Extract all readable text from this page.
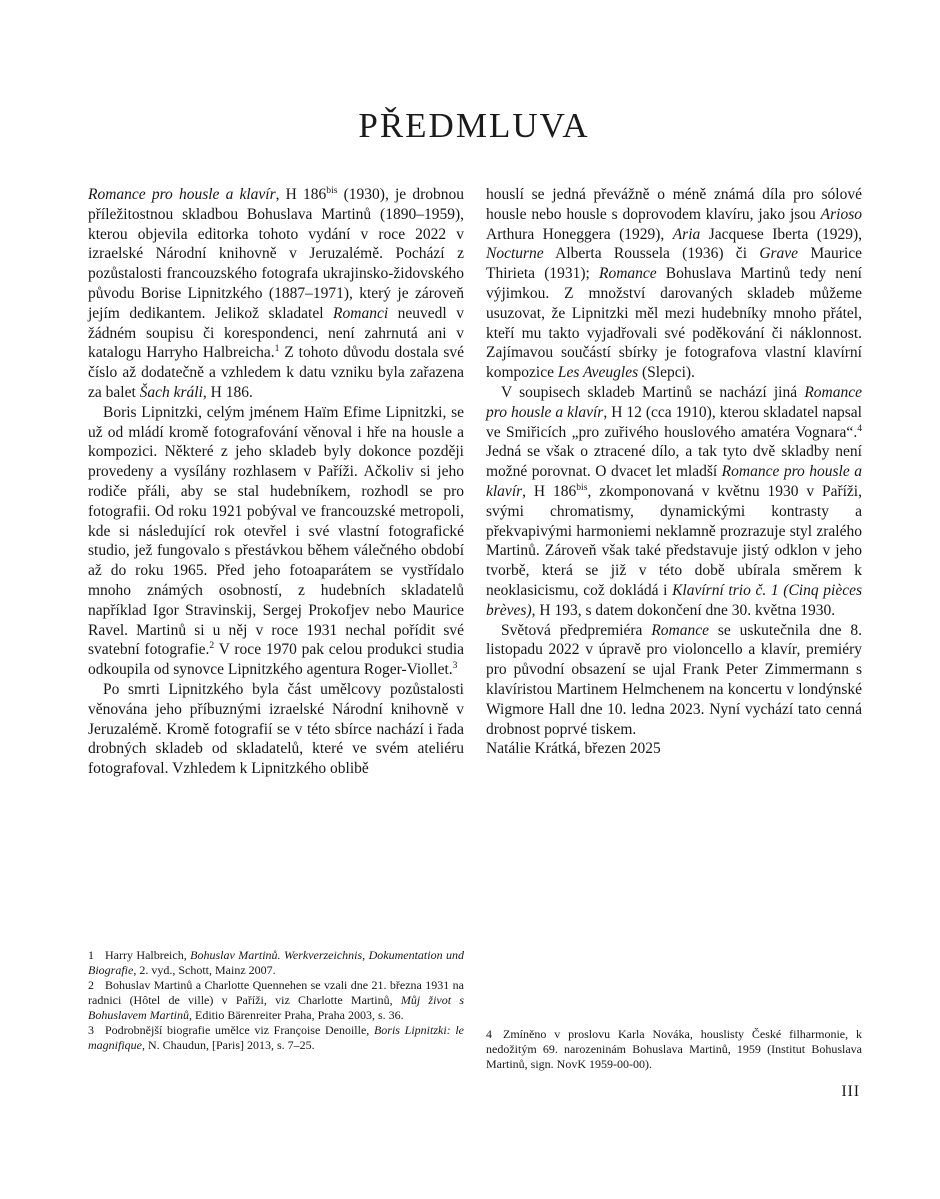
PŘEDMLUVA

Romance pro housle a klavír, H $186^{bis}$ (1930), je drobnou příležitostnou skladbou Bohuslava Martinů (1890–1959), kterou objevila editorka tohoto vydání v roce 2022 v izraelské Národní knihovně v Jeruzalémě. Pochází z pozůstalosti francouzského fotografa ukrajinsko-židovského původu Borise Lipnitzkého (1887–1971), který je zároveň jejím dedikantem. Jelikož skladatel Romanci neuvedl v žádném soupisu či korespondenci, není zahrnutá ani v katalogu Harryho Halbreicha.$^1$ Z tohoto důvodu dostala své číslo až dodatečně a vzhledem k datu vzniku byla zařazena za balet Šach králi, H 186.

Boris Lipnitzki, celým jménem Haïm Efime Lipnitzki, se už od mládí kromě fotografování věnoval i hře na housle a kompozici. Některé z jeho skladeb byly dokonce později provedeny a vysílány rozhlasem v Paříži. Ačkoliv si jeho rodiče přáli, aby se stal hudebníkem, rozhodl se pro fotografii. Od roku 1921 pobýval ve francouzské metropoli, kde si následující rok otevřel i své vlastní fotografické studio, jež fungovalo s přestávkou během válečného období až do roku 1965. Před jeho fotoaparátem se vystřídalo mnoho známých osobností, z hudebních skladatelů například Igor Stravinskij, Sergej Prokofjev nebo Maurice Ravel. Martinů si u něj v roce 1931 nechal pořídit své svatební fotografie.$^2$ V roce 1970 pak celou produkci studia odkoupila od synovce Lipnitzkého agentura Roger-Viollet.$^3$

Po smrti Lipnitzkého byla část umělcovy pozůstalosti věnována jeho příbuznými izraelské Národní knihovně v Jeruzalémě. Kromě fotografií se v této sbírce nachází i řada drobných skladeb od skladatelů, které ve svém ateliéru fotografoval. Vzhledem k Lipnitzkého oblibě

houslí se jedná převážně o méně známá díla pro sólové housle nebo housle s doprovodem klavíru, jako jsou Arioso Arthura Honeggera (1929), Aria Jacquese Iberta (1929), Nocturne Alberta Roussela (1936) či Grave Maurice Thirieta (1931); Romance Bohuslava Martinů tedy není výjimkou. Z množství darovaných skladeb můžeme usuzovat, že Lipnitzki měl mezi hudebníky mnoho přátel, kteří mu takto vyjadřovali své poděkování či náklonnost. Zajímavou součástí sbírky je fotografova vlastní klavírní kompozice Les Aveugles (Slepci).

V soupisech skladeb Martinů se nachází jiná Romance pro housle a klavír, H 12 (cca 1910), kterou skladatel napsal ve Smiřicích „pro zuřivého houslového amatéra Vognara“.$^4$ Jedná se však o ztracené dílo, a tak tyto dvě skladby není možné porovnat. O dvacet let mladší Romance pro housle a klavír, H $186^{bis}$, zkomponovaná v květnu 1930 v Paříži, svými chromatismy, dynamickými kontrasty a překvapivými harmoniemi neklamně prozrazuje styl zralého Martinů. Zároveň však také představuje jistý odklon v jeho tvorbě, která se již v této době ubírala směrem k neoklasicismu, což dokládá i Klavírní trio č. 1 (Cinq pièces brèves), H 193, s datem dokončení dne 30. května 1930.

Světová předpremiéra Romance se uskutečnila dne 8. listopadu 2022 v úpravě pro violoncello a klavír, premiéry pro původní obsazení se ujal Frank Peter Zimmermann s klavíristou Martinem Helmchenem na koncertu v londýnské Wigmore Hall dne 10. ledna 2023. Nyní vychází tato cenná drobnost poprvé tiskem.

Natálie Krátká, březen 2025

1 Harry Halbreich, Bohuslav Martinů. Werkverzeichnis, Dokumentation und Biografie, 2. vyd., Schott, Mainz 2007.

2 Bohuslav Martinů a Charlotte Quennehen se vzali dne 21. března 1931 na radnici (Hôtel de ville) v Paříži, viz Charlotte Martinů, Můj život s Bohuslavem Martinů, Editio Bärenreiter Praha, Praha 2003, s. 36.

3 Podrobnější biografie umělce viz Françoise Denoille, Boris Lipnitzki: le magnifique, N. Chaudun, [Paris] 2013, s. 7–25.

4 Zmíněno v proslovu Karla Nováka, houslisty České filharmonie, k nedožitým 69. narozeninám Bohuslava Martinů, 1959 (Institut Bohuslava Martinů, sign. NovK 1959-00-00).

III
